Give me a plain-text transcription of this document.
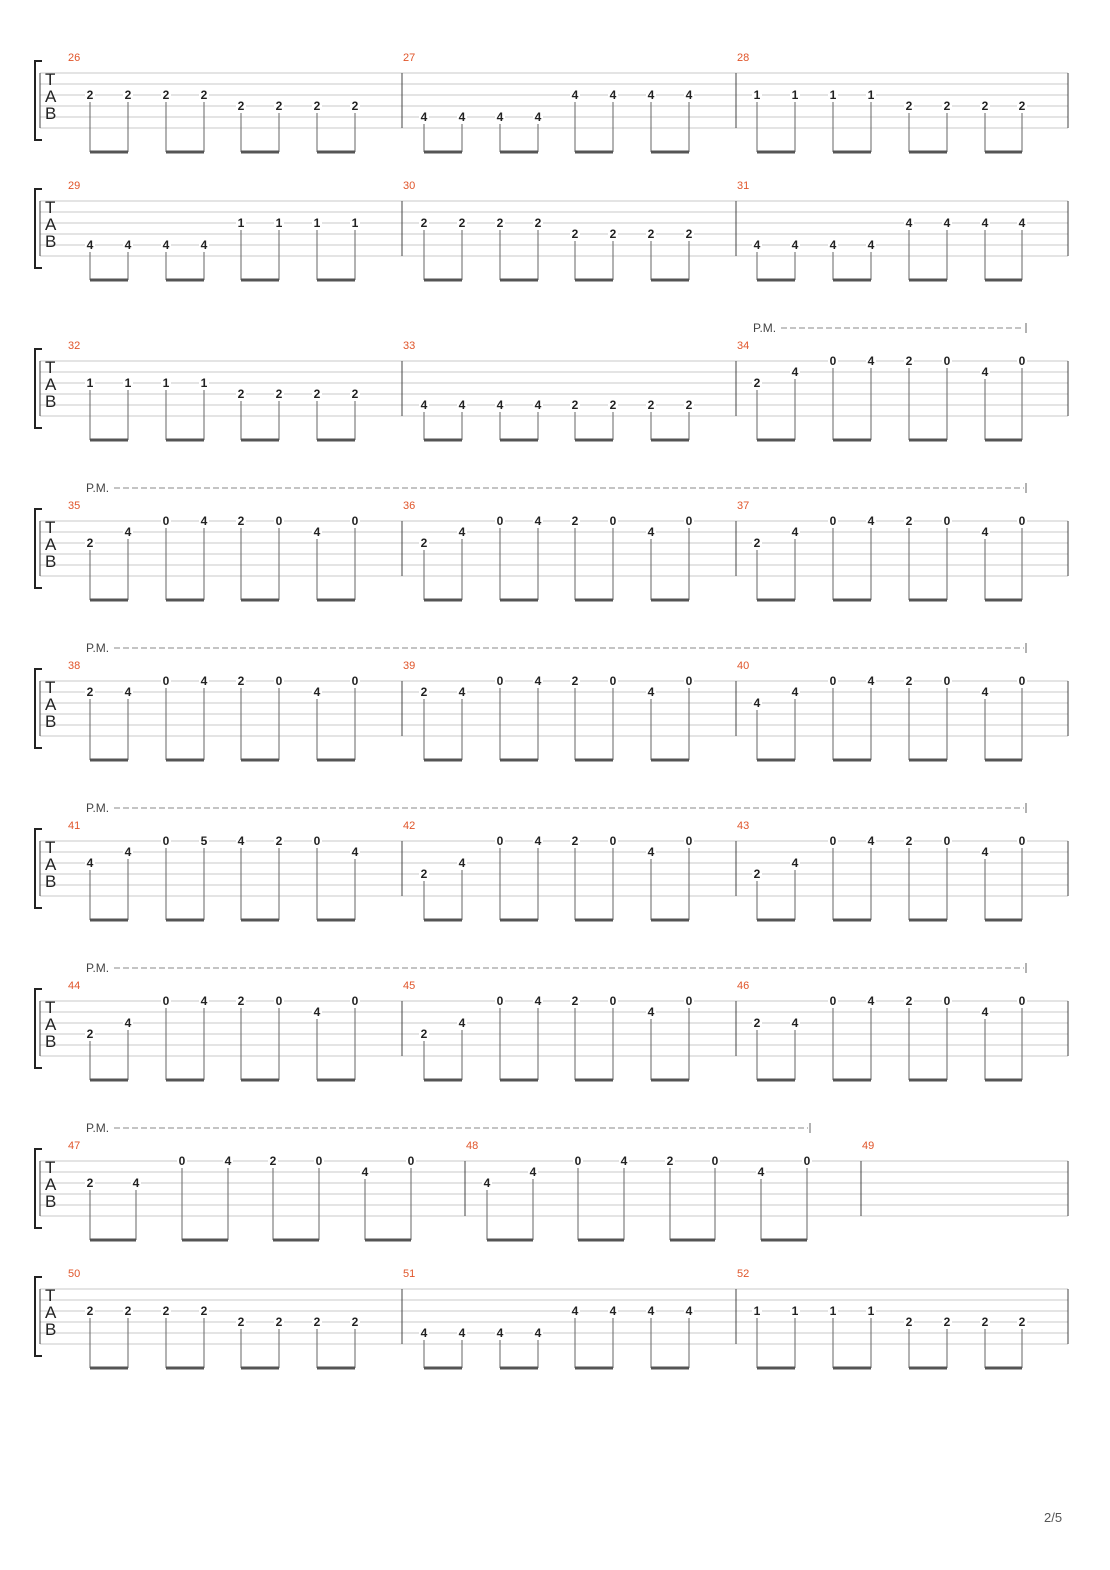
T
A
B
26
2	2	2	2
2	2	2	2
27
4	4	4	4
4	4	4	4
28
1	1	1	1
2	2	2	2
T
A
B
29
4	4	4	4
1	1	1	1
30
2	2	2	2
2	2	2	2
31
4	4	4	4
4	4	4	4
T
A
B
32
1	1	1	1
2	2	2	2
33
4	4	4	4	2	2	2	2
34
2
4
0	4	2	0
4
0
P.M.
T
A
B
35
2
4
0	4	2	0
4
0
36
2
4
0	4	2	0
4
0
37
2
4
0	4	2	0
4
0
P.M.
T
A
B
38
2	4
0	4	2	0
4
0
39
2	4
0	4	2	0
4
0
40
4
4
0	4	2	0
4
0
P.M.
T
A
B
41
4
4
0	5	4	2	0
4
42
2
4
0	4	2	0
4
0
43
2
4
0	4	2	0
4
0
P.M.
T
A
B
44
2
4
0	4	2	0
4
0
45
2
4
0	4	2	0
4
0
46
2	4
0	4	2	0
4
0
P.M.
T
A
B
47
2	4
0	4	2	0
4
0
48
4
4
0	4	2	0
4
0
49
P.M.
T
A
B
50
2	2	2	2
2	2	2	2
51
4	4	4	4
4	4	4	4
52
1	1	1	1
2	2	2	2
2/5
